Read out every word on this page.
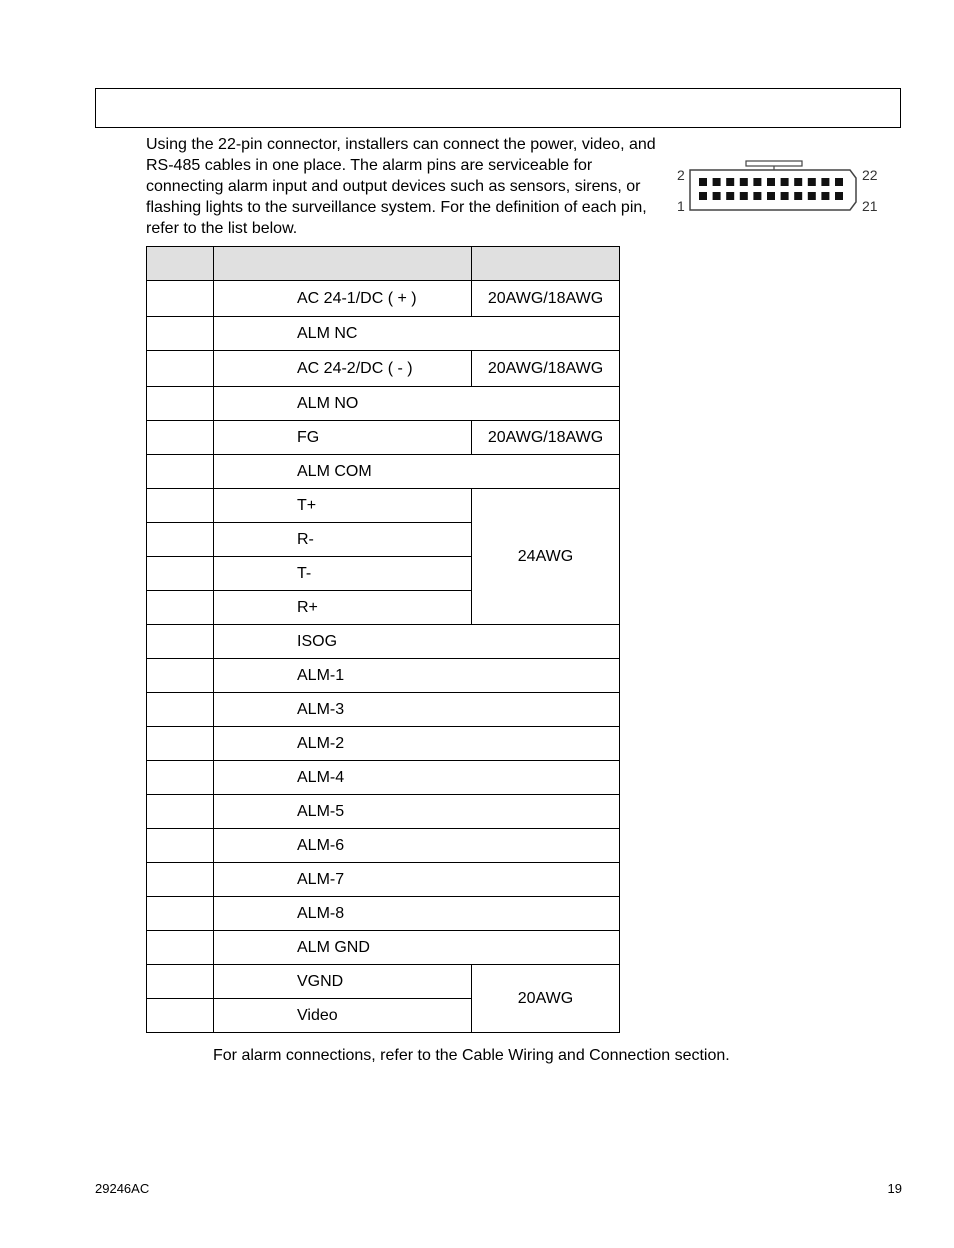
Using the 22-pin connector, installers can connect the power, video, and
RS-485 cables in one place. The alarm pins are serviceable for
connecting alarm input and output devices such as sensors, sirens, or
flashing lights to the surveillance system. For the definition of each pin,
refer to the list below.

2
1
22
21

	AC 24-1/DC ( + )	20AWG/18AWG
	ALM NC	
	AC 24-2/DC ( - )	20AWG/18AWG
	ALM NO	
	FG	20AWG/18AWG
	ALM COM	
	T+	24AWG
	R-	
	T-	
	R+	
	ISOG	
	ALM-1	
	ALM-3	
	ALM-2	
	ALM-4	
	ALM-5	
	ALM-6	
	ALM-7	
	ALM-8	
	ALM GND	
	VGND	20AWG
	Video	

For alarm connections, refer to the Cable Wiring and Connection section.

29246AC	19
